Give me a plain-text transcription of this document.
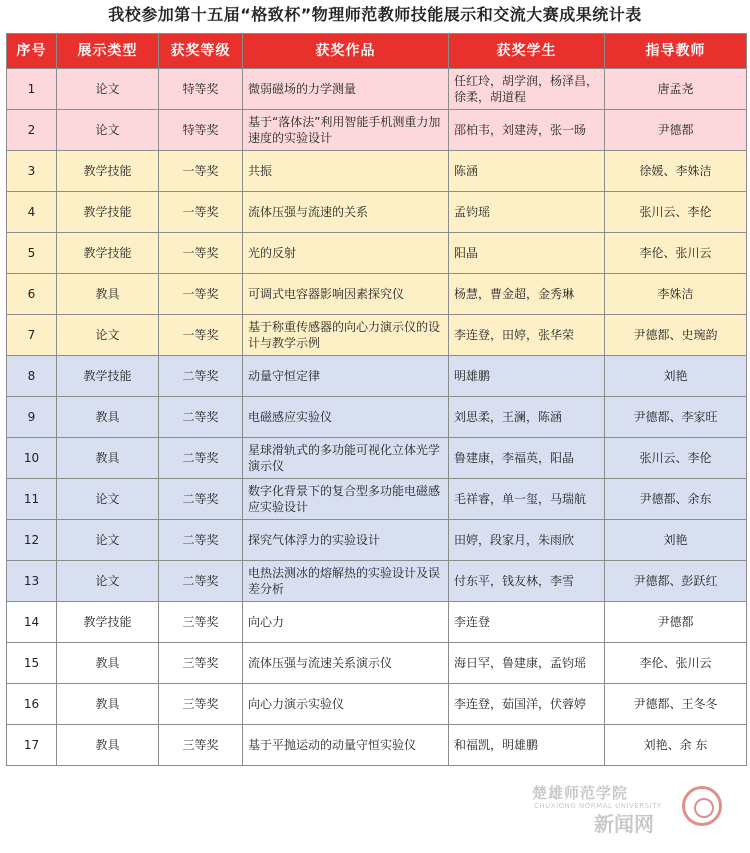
我校参加第十五届“格致杯”物理师范教师技能展示和交流大赛成果统计表
序号	展示类型	获奖等级	获奖作品	获奖学生	指导教师
1	论文	特等奖	微弱磁场的力学测量	任红玲，胡学润，杨泽昌，徐柔，胡道程	唐孟尧
2	论文	特等奖	基于“落体法”利用智能手机测重力加速度的实验设计	邵柏韦，刘建涛，张一旸	尹德都
3	教学技能	一等奖	共振	陈涵	徐媛、李姝洁
4	教学技能	一等奖	流体压强与流速的关系	孟钧瑶	张川云、李伦
5	教学技能	一等奖	光的反射	阳晶	李伦、张川云
6	教具	一等奖	可调式电容器影响因素探究仪	杨慧，曹金超，金秀琳	李姝洁
7	论文	一等奖	基于称重传感器的向心力演示仪的设计与教学示例	李连登，田婷，张华荣	尹德都、史琬韵
8	教学技能	二等奖	动量守恒定律	明雄鹏	刘艳
9	教具	二等奖	电磁感应实验仪	刘思柔，王澜，陈涵	尹德都、李家旺
10	教具	二等奖	星球滑轨式的多功能可视化立体光学演示仪	鲁建康，李福英，阳晶	张川云、李伦
11	论文	二等奖	数字化背景下的复合型多功能电磁感应实验设计	毛祥睿，单一玺，马瑞航	尹德都、余东
12	论文	二等奖	探究气体浮力的实验设计	田婷，段家月，朱雨欣	刘艳
13	论文	二等奖	电热法测冰的熔解热的实验设计及误差分析	付东平，钱友林，李雪	尹德都、彭跃红
14	教学技能	三等奖	向心力	李连登	尹德都
15	教具	三等奖	流体压强与流速关系演示仪	海日罕，鲁建康，孟钧瑶	李伦、张川云
16	教具	三等奖	向心力演示实验仪	李连登，茹国洋，伏蓉婷	尹德都、王冬冬
17	教具	三等奖	基于平抛运动的动量守恒实验仪	和福凯，明雄鹏	刘艳、余 东
楚雄师范学院
CHUXIONG NORMAL UNIVERSITY
新闻网
